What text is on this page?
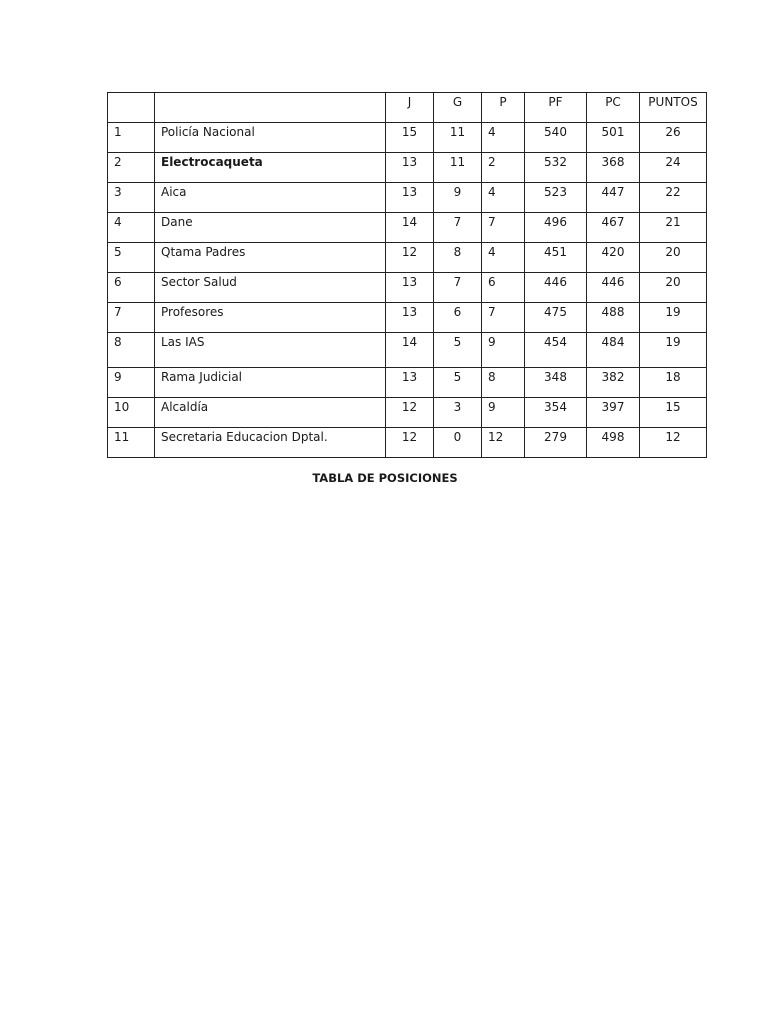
		J	G	P	PF	PC	PUNTOS
1	Policía Nacional	15	11	4	540	501	26
2	Electrocaqueta	13	11	2	532	368	24
3	Aica	13	9	4	523	447	22
4	Dane	14	7	7	496	467	21
5	Qtama Padres	12	8	4	451	420	20
6	Sector Salud	13	7	6	446	446	20
7	Profesores	13	6	7	475	488	19
8	Las IAS	14	5	9	454	484	19
9	Rama Judicial	13	5	8	348	382	18
10	Alcaldía	12	3	9	354	397	15
11	Secretaria Educacion Dptal.	12	0	12	279	498	12
TABLA DE POSICIONES
